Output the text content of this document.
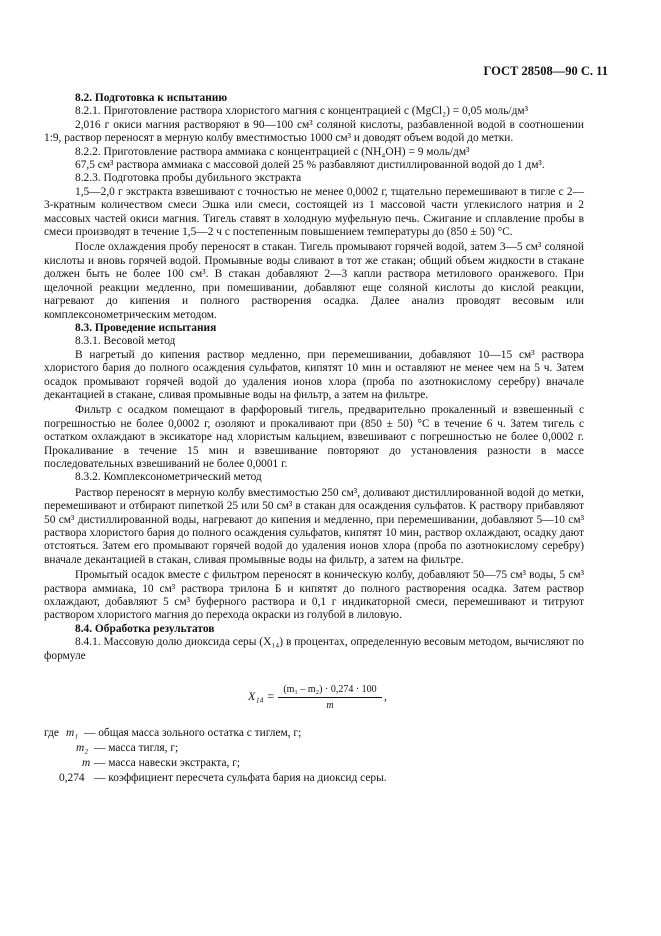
ГОСТ 28508—90 С. 11

8.2. Подготовка к испытанию

8.2.1. Приготовление раствора хлористого магния с концентрацией c (MgCl₂) = 0,05 моль/дм³

2,016 г окиси магния растворяют в 90—100 см³ соляной кислоты, разбавленной водой в соотношении 1:9, раствор переносят в мерную колбу вместимостью 1000 см³ и доводят объем водой до метки.

8.2.2. Приготовление раствора аммиака с концентрацией c (NH₄OH) = 9 моль/дм³

67,5 см³ раствора аммиака с массовой долей 25 % разбавляют дистиллированной водой до 1 дм³.

8.2.3. Подготовка пробы дубильного экстракта

1,5—2,0 г экстракта взвешивают с точностью не менее 0,0002 г, тщательно перемешивают в тигле с 2—3-кратным количеством смеси Эшка или смеси, состоящей из 1 массовой части углекислого натрия и 2 массовых частей окиси магния. Тигель ставят в холодную муфельную печь. Сжигание и сплавление пробы в смеси производят в течение 1,5—2 ч с постепенным повышением температуры до (850 ± 50) °С.

После охлаждения пробу переносят в стакан. Тигель промывают горячей водой, затем 3—5 см³ соляной кислоты и вновь горячей водой. Промывные воды сливают в тот же стакан; общий объем жидкости в стакане должен быть не более 100 см³. В стакан добавляют 2—3 капли раствора метилового оранжевого. При щелочной реакции медленно, при помешивании, добавляют еще соляной кислоты до кислой реакции, нагревают до кипения и полного растворения осадка. Далее анализ проводят весовым или комплексонометрическим методом.

8.3. Проведение испытания

8.3.1. Весовой метод

В нагретый до кипения раствор медленно, при перемешивании, добавляют 10—15 см³ раствора хлористого бария до полного осаждения сульфатов, кипятят 10 мин и оставляют не менее чем на 5 ч. Затем осадок промывают горячей водой до удаления ионов хлора (проба по азотнокислому серебру) вначале декантацией в стакане, сливая промывные воды на фильтр, а затем на фильтре.

Фильтр с осадком помещают в фарфоровый тигель, предварительно прокаленный и взвешенный с погрешностью не более 0,0002 г, озоляют и прокаливают при (850 ± 50) °С в течение 6 ч. Затем тигель с остатком охлаждают в эксикаторе над хлористым кальцием, взвешивают с погрешностью не более 0,0002 г. Прокаливание в течение 15 мин и взвешивание повторяют до установления разности в массе последовательных взвешиваний не более 0,0001 г.

8.3.2. Комплексонометрический метод

Раствор переносят в мерную колбу вместимостью 250 см³, доливают дистиллированной водой до метки, перемешивают и отбирают пипеткой 25 или 50 см³ в стакан для осаждения сульфатов. К раствору прибавляют 50 см³ дистиллированной воды, нагревают до кипения и медленно, при перемешивании, добавляют 5—10 см³ раствора хлористого бария до полного осаждения сульфатов, кипятят 10 мин, раствор охлаждают, осадку дают отстояться. Затем его промывают горячей водой до удаления ионов хлора (проба по азотнокислому серебру) вначале декантацией в стакан, сливая промывные воды на фильтр, а затем на фильтре.

Промытый осадок вместе с фильтром переносят в коническую колбу, добавляют 50—75 см³ воды, 5 см³ раствора аммиака, 10 см³ раствора трилона Б и кипятят до полного растворения осадка. Затем раствор охлаждают, добавляют 5 см³ буферного раствора и 0,1 г индикаторной смеси, перемешивают и титруют раствором хлористого магния до перехода окраски из голубой в лиловую.

8.4. Обработка результатов

8.4.1. Массовую долю диоксида серы (X₁₄) в процентах, определенную весовым методом, вычисляют по формуле

$X_{14} = \frac{\text{(m₁ – m₂) · 0,274 · 100}}{m}$ ,
где m₁ — общая масса зольного остатка с тиглем, г;
m₂ — масса тигля, г;
m — масса навески экстракта, г;
0,274 — коэффициент пересчета сульфата бария на диоксид серы.
